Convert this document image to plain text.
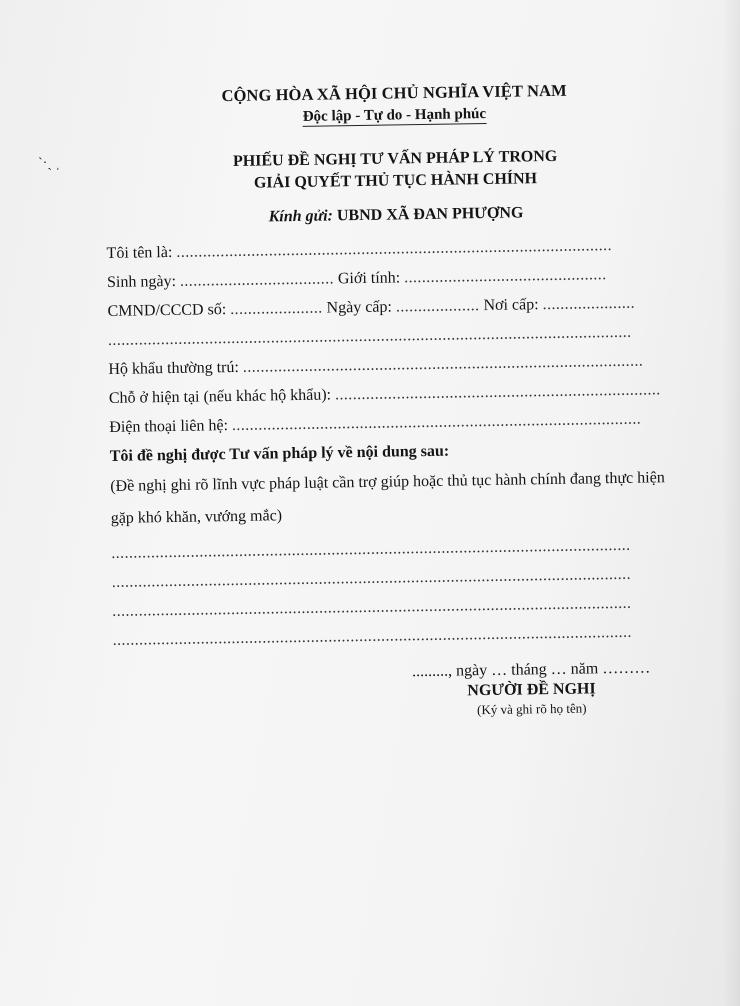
`·ˎ ˌ
CỘNG HÒA XÃ HỘI CHỦ NGHĨA VIỆT NAM
Độc lập - Tự do - Hạnh phúc
PHIẾU ĐỀ NGHỊ TƯ VẤN PHÁP LÝ TRONG
GIẢI QUYẾT THỦ TỤC HÀNH CHÍNH
Kính gửi: UBND XÃ ĐAN PHƯỢNG
Tôi tên là: ...................................................................................................
Sinh ngày: ................................... Giới tính: ..............................................
CMND/CCCD số: ..................... Ngày cấp: ................... Nơi cấp: .....................
.......................................................................................................................
Hộ khẩu thường trú: ...........................................................................................
Chỗ ở hiện tại (nếu khác hộ khẩu): ..........................................................................
Điện thoại liên hệ: .............................................................................................
Tôi đề nghị được Tư vấn pháp lý về nội dung sau:
(Đề nghị ghi rõ lĩnh vực pháp luật cần trợ giúp hoặc thủ tục hành chính đang thực hiện gặp khó khăn, vướng mắc)
......................................................................................................................
......................................................................................................................
......................................................................................................................
......................................................................................................................
........., ngày … tháng … năm ………
NGƯỜI ĐỀ NGHỊ
(Ký và ghi rõ họ tên)
